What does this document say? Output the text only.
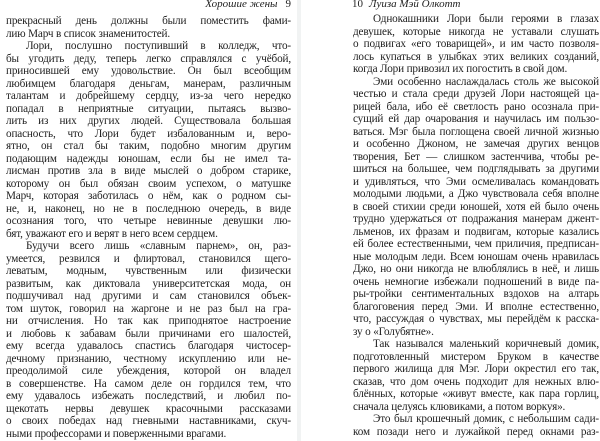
Хорошие жены 9
прекрасный день должны были поместить фами-
лию Марч в список знаменитостей.
Лори, послушно поступивший в колледж, что-
бы угодить деду, теперь легко справлялся с учёбой,
приносившей ему удовольствие. Он был всеобщим
любимцем благодаря деньгам, манерам, различным
талантам и добрейшему сердцу, из-за чего нередко
попадал в неприятные ситуации, пытаясь вызво-
лить из них других людей. Существовала большая
опасность, что Лори будет избалованным и, веро-
ятно, он стал бы таким, подобно многим другим
подающим надежды юношам, если бы не имел та-
лисман против зла в виде мыслей о добром старике,
которому он был обязан своим успехом, о матушке
Марч, которая заботилась о нём, как о родном сы-
не, и, наконец, но не в последнюю очередь, в виде
осознания того, что четыре невинные девушки лю-
бят, уважают его и верят в него всем сердцем.
Будучи всего лишь «славным парнем», он, раз-
умеется, резвился и флиртовал, становился щего-
леватым, модным, чувственным или физически
развитым, как диктовала университетская мода, он
подшучивал над другими и сам становился объек-
том шуток, говорил на жаргоне и не раз был на гра-
ни отчисления. Но так как приподнятое настроение
и любовь к забавам были причинами его шалостей,
ему всегда удавалось спастись благодаря чистосер-
дечному признанию, честному искуплению или не-
преодолимой силе убеждения, которой он владел
в совершенстве. На самом деле он гордился тем, что
ему удавалось избежать последствий, и любил по-
щекотать нервы девушек красочными рассказами
о своих победах над гневными наставниками, скуч-
ными профессорами и поверженными врагами.
10 Луиза Мэй Олкотт
Однокашники Лори были героями в глазах
девушек, которые никогда не уставали слушать
о подвигах «его товарищей», и им часто позволя-
лось купаться в улыбках этих великих созданий,
когда Лори привозил их погостить в свой дом.
Эми особенно наслаждалась столь же высокой
честью и стала среди друзей Лори настоящей ца-
рицей бала, ибо её светлость рано осознала при-
сущий ей дар очарования и научилась им пользо-
ваться. Мэг была поглощена своей личной жизнью
и особенно Джоном, не замечая других венцов
творения, Бет — слишком застенчива, чтобы ре-
шиться на большее, чем подглядывать за другими
и удивляться, что Эми осмеливалась командовать
молодыми людьми, а Джо чувствовала себя вполне
в своей стихии среди юношей, хотя ей было очень
трудно удержаться от подражания манерам джент-
льменов, их фразам и подвигам, которые казались
ей более естественными, чем приличия, предписан-
ные молодым леди. Всем юношам очень нравилась
Джо, но они никогда не влюблялись в неё, и лишь
очень немногие избежали подношений в виде па-
ры-тройки сентиментальных вздохов на алтарь
благоговения перед Эми. И вполне естественно,
что, рассуждая о чувствах, мы перейдём к расска-
зу о «Голубятне».
Так назывался маленький коричневый домик,
подготовленный мистером Бруком в качестве
первого жилища для Мэг. Лори окрестил его так,
сказав, что дом очень подходит для нежных влю-
блённых, которые «живут вместе, как пара горлиц,
сначала целуясь клювиками, а потом воркуя».
Это был крошечный домик, с небольшим сади-
ком позади него и лужайкой перед окнами раз-
